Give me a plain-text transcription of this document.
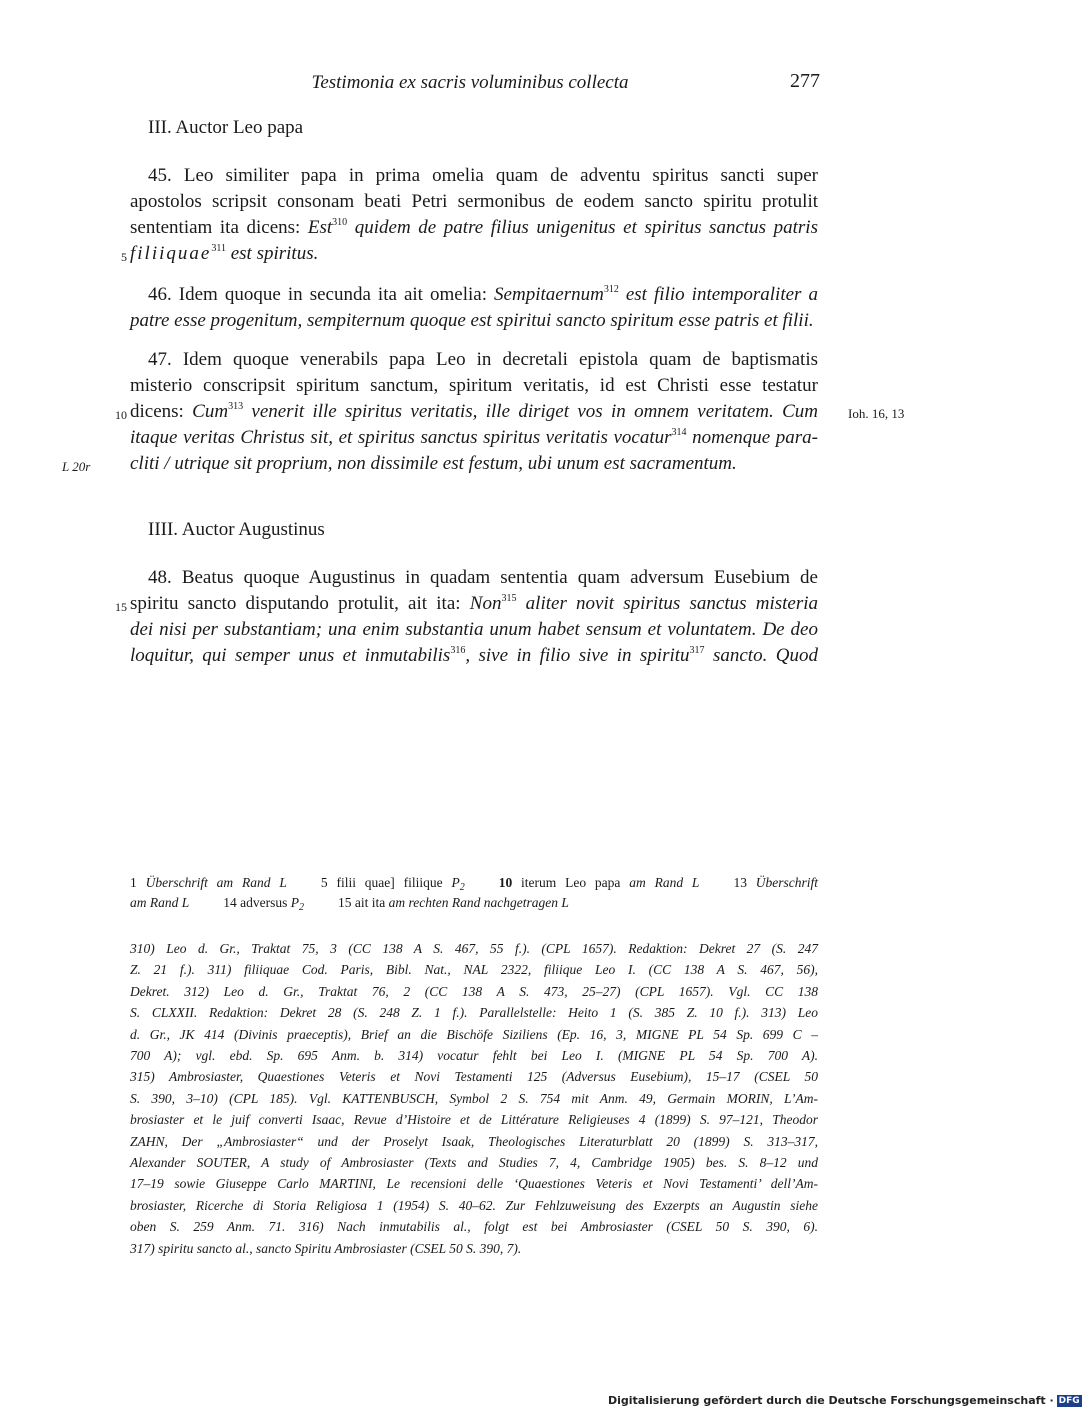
Testimonia ex sacris voluminibus collecta	277
III. Auctor Leo papa
45. Leo similiter papa in prima omelia quam de adventu spiritus sancti super
apostolos scripsit consonam beati Petri sermonibus de eodem sancto spiritu protulit
sententiam ita dicens: Est$^{310}$ quidem de patre filius unigenitus et spiritus sanctus patris
5 filiiquae$^{311}$ est spiritus.
46. Idem quoque in secunda ita ait omelia: Sempitaernum$^{312}$ est filio intemporaliter a
patre esse progenitum, sempiternum quoque est spiritui sancto spiritum esse patris et filii.
47. Idem quoque venerabils papa Leo in decretali epistola quam de baptismatis
misterio conscripsit spiritum sanctum, spiritum veritatis, id est Christi esse testatur
10	Ioh. 16, 13
dicens: Cum$^{313}$ venerit ille spiritus veritatis, ille diriget vos in omnem veritatem. Cum
itaque veritas Christus sit, et spiritus sanctus spiritus veritatis vocatur$^{314}$ nomenque para-
L 20r cliti / utrique sit proprium, non dissimile est festum, ubi unum est sacramentum.
IIII. Auctor Augustinus
48. Beatus quoque Augustinus in quadam sententia quam adversum Eusebium de
15 spiritu sancto disputando protulit, ait ita: Non$^{315}$ aliter novit spiritus sanctus misteria
dei nisi per substantiam; una enim substantia unum habet sensum et voluntatem. De deo
loquitur, qui semper unus et inmutabilis$^{316}$, sive in filio sive in spiritu$^{317}$ sancto. Quod
1 Überschrift am Rand L	5 filii quae] filiique $P_2$	10 iterum Leo papa am Rand L	13 Überschrift
am Rand L	14 adversus $P_2$	15 ait ita am rechten Rand nachgetragen L
310) Leo d. Gr., Traktat 75, 3 (CC 138 A S. 467, 55 f.). (CPL 1657). Redaktion: Dekret 27 (S. 247
Z. 21 f.). 311) filiiquae Cod. Paris, Bibl. Nat., NAL 2322, filiique Leo I. (CC 138 A S. 467, 56),
Dekret. 312) Leo d. Gr., Traktat 76, 2 (CC 138 A S. 473, 25–27) (CPL 1657). Vgl. CC 138
S. CLXXII. Redaktion: Dekret 28 (S. 248 Z. 1 f.). Parallelstelle: Heito 1 (S. 385 Z. 10 f.). 313) Leo
d. Gr., JK 414 (Divinis praeceptis), Brief an die Bischöfe Siziliens (Ep. 16, 3, MIGNE PL 54 Sp. 699 C –
700 A); vgl. ebd. Sp. 695 Anm. b. 314) vocatur fehlt bei Leo I. (MIGNE PL 54 Sp. 700 A).
315) Ambrosiaster, Quaestiones Veteris et Novi Testamenti 125 (Adversus Eusebium), 15–17 (CSEL 50
S. 390, 3–10) (CPL 185). Vgl. KATTENBUSCH, Symbol 2 S. 754 mit Anm. 49, Germain MORIN, L’Am-
brosiaster et le juif converti Isaac, Revue d’Histoire et de Littérature Religieuses 4 (1899) S. 97–121, Theodor
ZAHN, Der „Ambrosiaster“ und der Proselyt Isaak, Theologisches Literaturblatt 20 (1899) S. 313–317,
Alexander SOUTER, A study of Ambrosiaster (Texts and Studies 7, 4, Cambridge 1905) bes. S. 8–12 und
17–19 sowie Giuseppe Carlo MARTINI, Le recensioni delle ‘Quaestiones Veteris et Novi Testamenti’ dell’Am-
brosiaster, Ricerche di Storia Religiosa 1 (1954) S. 40–62. Zur Fehlzuweisung des Exzerpts an Augustin siehe
oben S. 259 Anm. 71. 316) Nach inmutabilis al., folgt est bei Ambrosiaster (CSEL 50 S. 390, 6).
317) spiritu sancto al., sancto Spiritu Ambrosiaster (CSEL 50 S. 390, 7).
Digitalisierung gefördert durch die Deutsche Forschungsgemeinschaft · DFG
